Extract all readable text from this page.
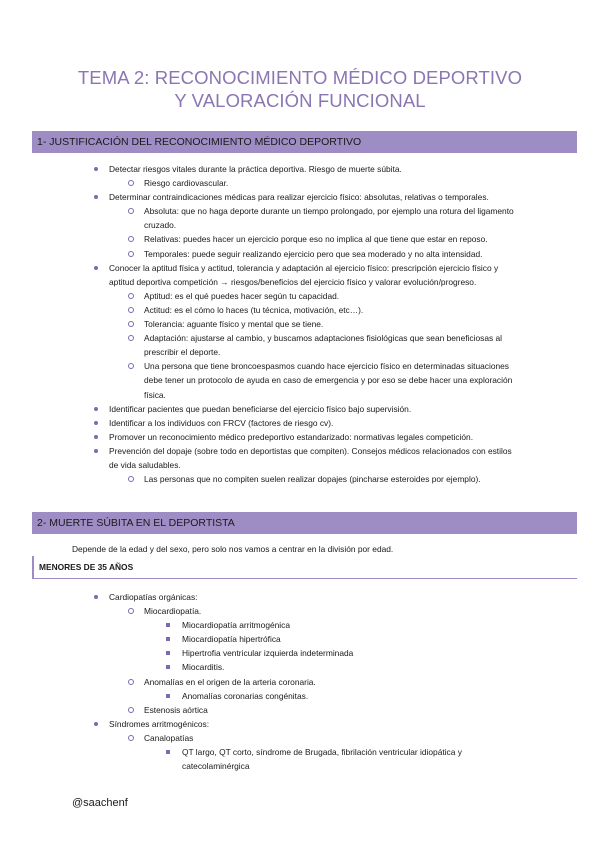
TEMA 2: RECONOCIMIENTO MÉDICO DEPORTIVO
Y VALORACIÓN FUNCIONAL
1- JUSTIFICACIÓN DEL RECONOCIMIENTO MÉDICO DEPORTIVO
Detectar riesgos vitales durante la práctica deportiva. Riesgo de muerte súbita.
Riesgo cardiovascular.
Determinar contraindicaciones médicas para realizar ejercicio físico: absolutas, relativas o temporales.
Absoluta: que no haga deporte durante un tiempo prolongado, por ejemplo una rotura del ligamento cruzado.
Relativas: puedes hacer un ejercicio porque eso no implica al que tiene que estar en reposo.
Temporales: puede seguir realizando ejercicio pero que sea moderado y no alta intensidad.
Conocer la aptitud física y actitud, tolerancia y adaptación al ejercicio físico: prescripción ejercicio físico y aptitud deportiva competición → riesgos/beneficios del ejercicio físico y valorar evolución/progreso.
Aptitud: es el qué puedes hacer según tu capacidad.
Actitud: es el cómo lo haces (tu técnica, motivación, etc…).
Tolerancia: aguante físico y mental que se tiene.
Adaptación: ajustarse al cambio, y buscamos adaptaciones fisiológicas que sean beneficiosas al prescribir el deporte.
Una persona que tiene broncoespasmos cuando hace ejercicio físico en determinadas situaciones debe tener un protocolo de ayuda en caso de emergencia y por eso se debe hacer una exploración física.
Identificar pacientes que puedan beneficiarse del ejercicio físico bajo supervisión.
Identificar a los individuos con FRCV (factores de riesgo cv).
Promover un reconocimiento médico predeportivo estandarizado: normativas legales competición.
Prevención del dopaje (sobre todo en deportistas que compiten). Consejos médicos relacionados con estilos de vida saludables.
Las personas que no compiten suelen realizar dopajes (pincharse esteroides por ejemplo).
2- MUERTE SÚBITA EN EL DEPORTISTA
Depende de la edad y del sexo, pero solo nos vamos a centrar en la división por edad.
MENORES DE 35 AÑOS
Cardiopatías orgánicas:
Miocardiopatía.
Miocardiopatía arritmogénica
Miocardiopatía hipertrófica
Hipertrofia ventricular izquierda indeterminada
Miocarditis.
Anomalías en el origen de la arteria coronaria.
Anomalías coronarias congénitas.
Estenosis aórtica
Síndromes arritmogénicos:
Canalopatías
QT largo, QT corto, síndrome de Brugada, fibrilación ventricular idiopática y catecolaminérgica
@saachenf
